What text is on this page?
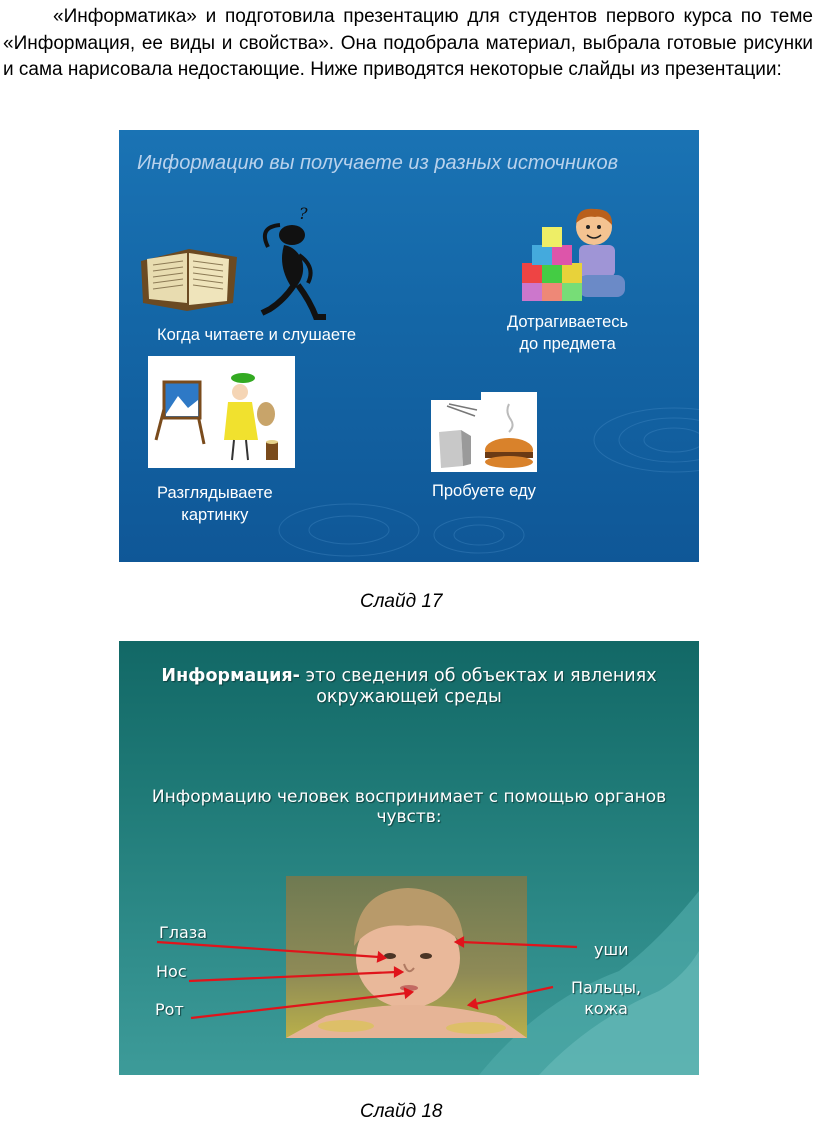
«Информатика» и подготовила презентацию для студентов первого курса по теме «Информация, ее виды и свойства». Она подобрала материал, выбрала готовые рисунки и сама нарисовала недостающие. Ниже приводятся некоторые слайды из презентации:

Информацию вы получаете из разных источников
?
Когда читаете и слушаете
Дотрагиваетесь
до предмета
Разглядываете
картинку
Пробуете еду
Слайд 17
Информация- это сведения об объектах и явлениях окружающей среды
Информацию человек воспринимает с помощью органов чувств:
Глаза
Нос
Рот
уши
Пальцы,
кожа
Слайд 18
